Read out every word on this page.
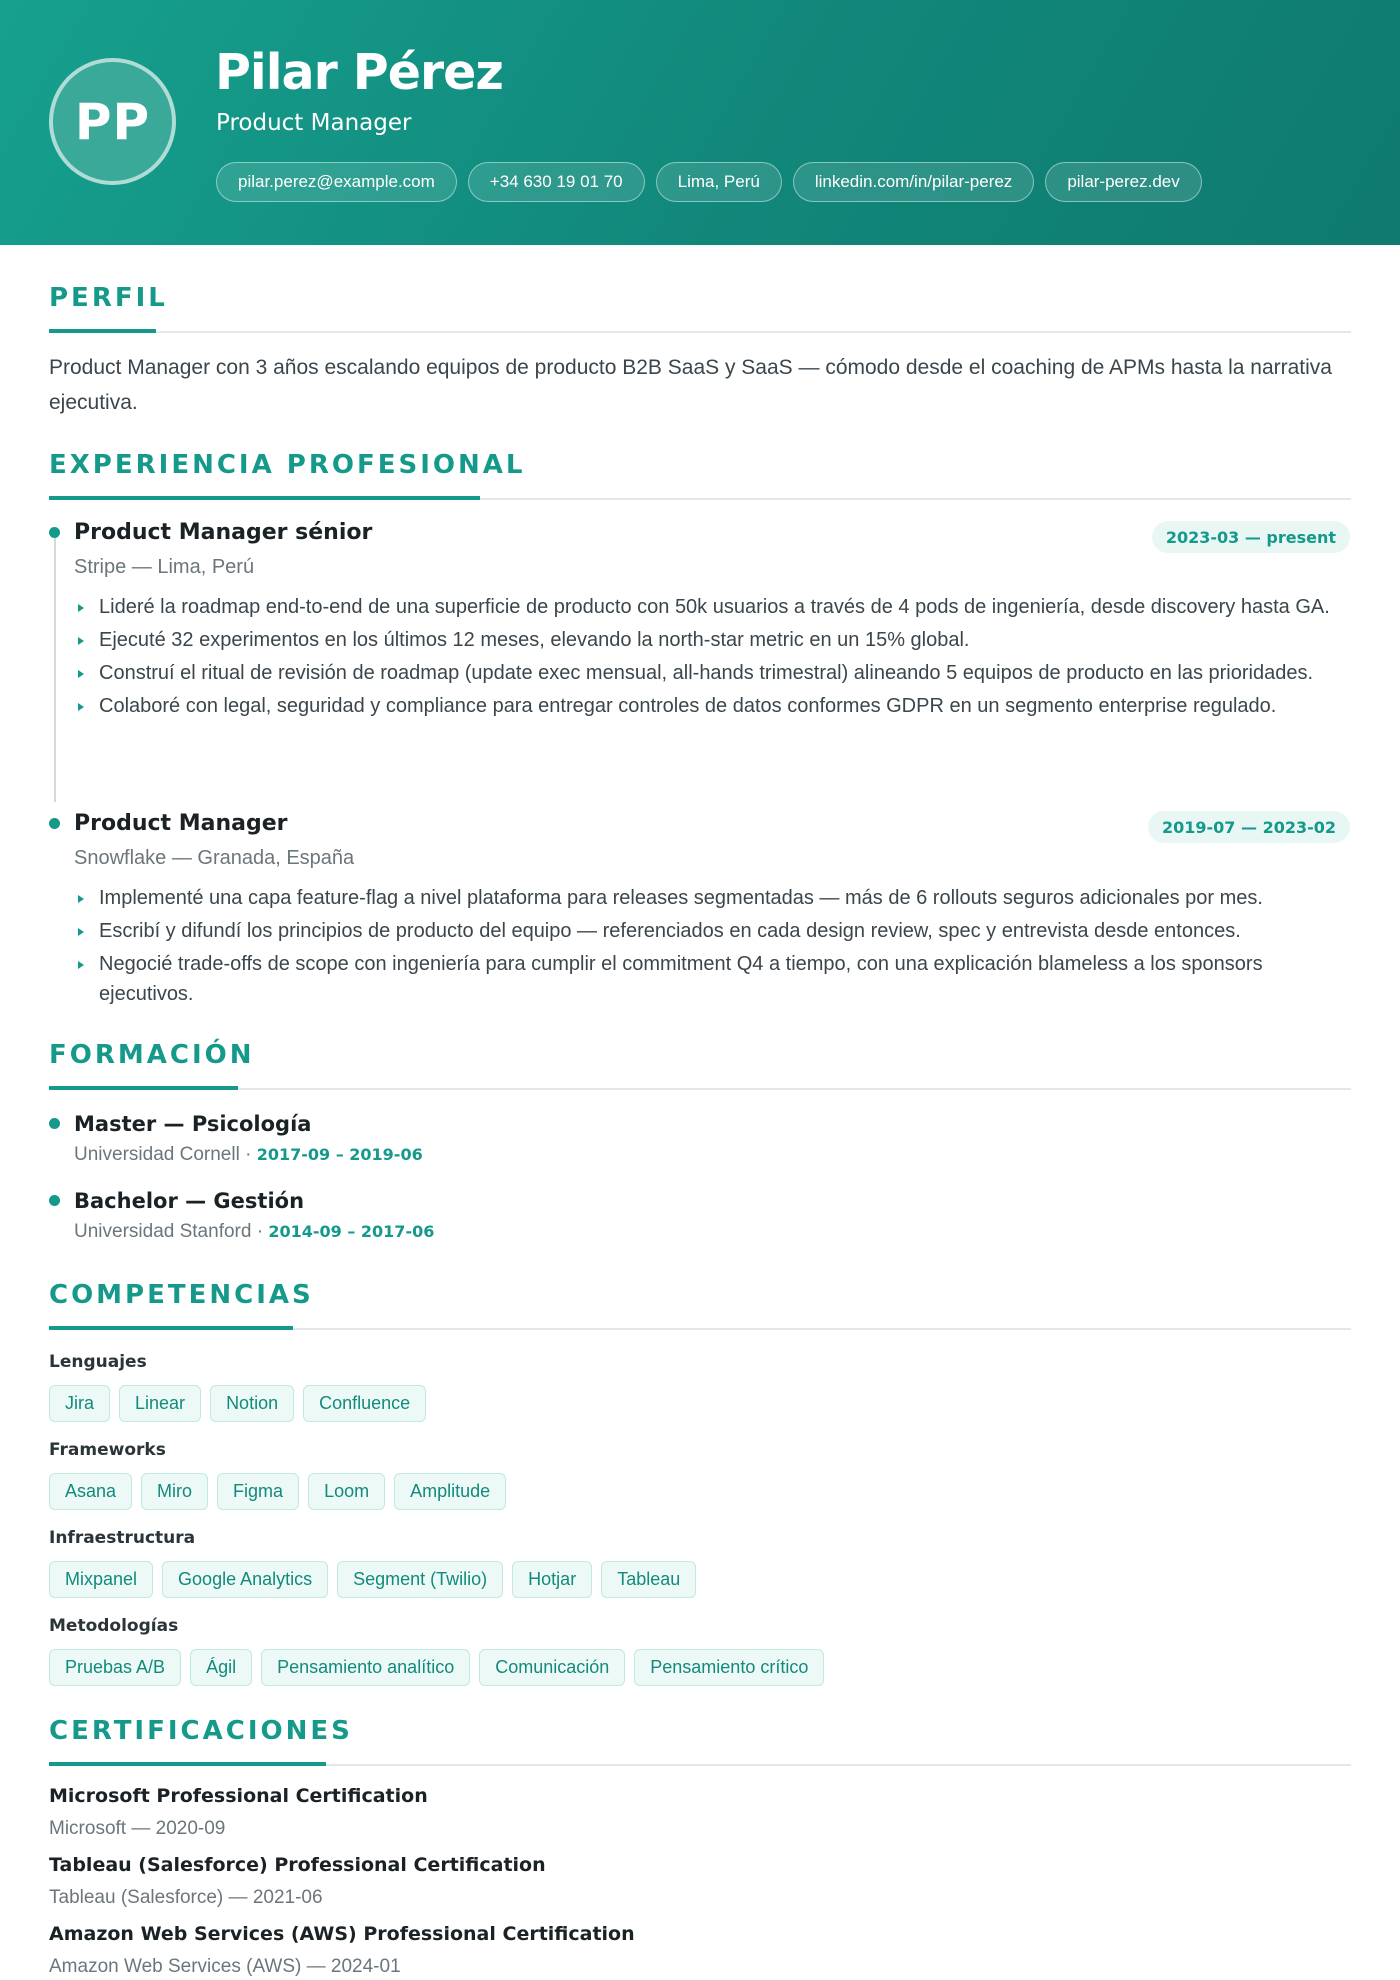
PP
Pilar Pérez
Product Manager
pilar.perez@example.com	+34 630 19 01 70	Lima, Perú	linkedin.com/in/pilar-perez	pilar-perez.dev
PERFIL
Product Manager con 3 años escalando equipos de producto B2B SaaS y SaaS — cómodo desde el coaching de APMs hasta la narrativa ejecutiva.
EXPERIENCIA PROFESIONAL
Product Manager sénior	2023-03 — present
Stripe — Lima, Perú
Lideré la roadmap end-to-end de una superficie de producto con 50k usuarios a través de 4 pods de ingeniería, desde discovery hasta GA.
Ejecuté 32 experimentos en los últimos 12 meses, elevando la north-star metric en un 15% global.
Construí el ritual de revisión de roadmap (update exec mensual, all-hands trimestral) alineando 5 equipos de producto en las prioridades.
Colaboré con legal, seguridad y compliance para entregar controles de datos conformes GDPR en un segmento enterprise regulado.
Product Manager	2019-07 — 2023-02
Snowflake — Granada, España
Implementé una capa feature-flag a nivel plataforma para releases segmentadas — más de 6 rollouts seguros adicionales por mes.
Escribí y difundí los principios de producto del equipo — referenciados en cada design review, spec y entrevista desde entonces.
Negocié trade-offs de scope con ingeniería para cumplir el commitment Q4 a tiempo, con una explicación blameless a los sponsors ejecutivos.
FORMACIÓN
Master — Psicología
Universidad Cornell · 2017-09 – 2019-06
Bachelor — Gestión
Universidad Stanford · 2014-09 – 2017-06
COMPETENCIAS
Lenguajes
Jira	Linear	Notion	Confluence
Frameworks
Asana	Miro	Figma	Loom	Amplitude
Infraestructura
Mixpanel	Google Analytics	Segment (Twilio)	Hotjar	Tableau
Metodologías
Pruebas A/B	Ágil	Pensamiento analítico	Comunicación	Pensamiento crítico
CERTIFICACIONES
Microsoft Professional Certification
Microsoft — 2020-09
Tableau (Salesforce) Professional Certification
Tableau (Salesforce) — 2021-06
Amazon Web Services (AWS) Professional Certification
Amazon Web Services (AWS) — 2024-01
